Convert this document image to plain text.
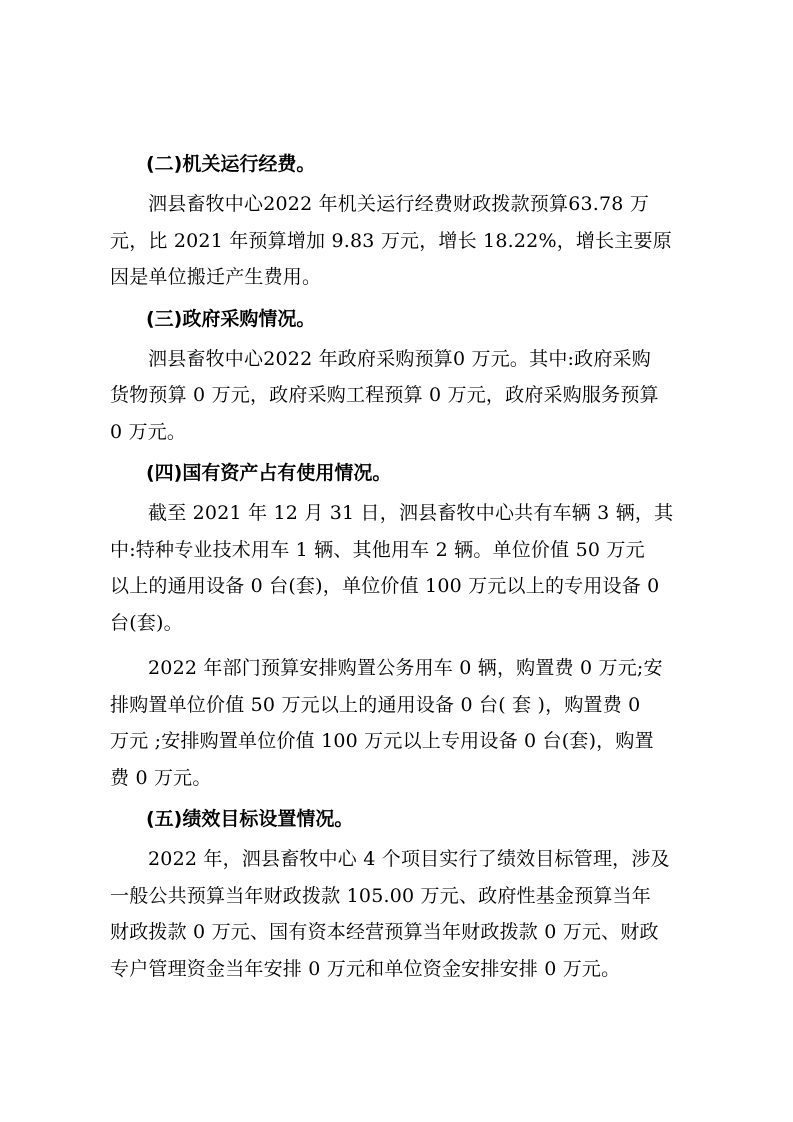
(二)机关运行经费。

泗县畜牧中心2022 年机关运行经费财政拨款预算63.78 万
元，比 2021 年预算增加 9.83 万元，增长 18.22%，增长主要原
因是单位搬迁产生费用。

(三)政府采购情况。

泗县畜牧中心2022 年政府采购预算0 万元。其中:政府采购
货物预算 0 万元，政府采购工程预算 0 万元，政府采购服务预算
0 万元。

(四)国有资产占有使用情况。

截至 2021 年 12 月 31 日，泗县畜牧中心共有车辆 3 辆，其
中:特种专业技术用车 1 辆、其他用车 2 辆。单位价值 50 万元
以上的通用设备 0 台(套)，单位价值 100 万元以上的专用设备 0
台(套)。

2022 年部门预算安排购置公务用车 0 辆，购置费 0 万元;安
排购置单位价值 50 万元以上的通用设备 0 台( 套 )，购置费 0
万元 ;安排购置单位价值 100 万元以上专用设备 0 台(套)，购置
费 0 万元。

(五)绩效目标设置情况。

2022 年，泗县畜牧中心 4 个项目实行了绩效目标管理，涉及
一般公共预算当年财政拨款 105.00 万元、政府性基金预算当年
财政拨款 0 万元、国有资本经营预算当年财政拨款 0 万元、财政
专户管理资金当年安排 0 万元和单位资金安排安排 0 万元。
